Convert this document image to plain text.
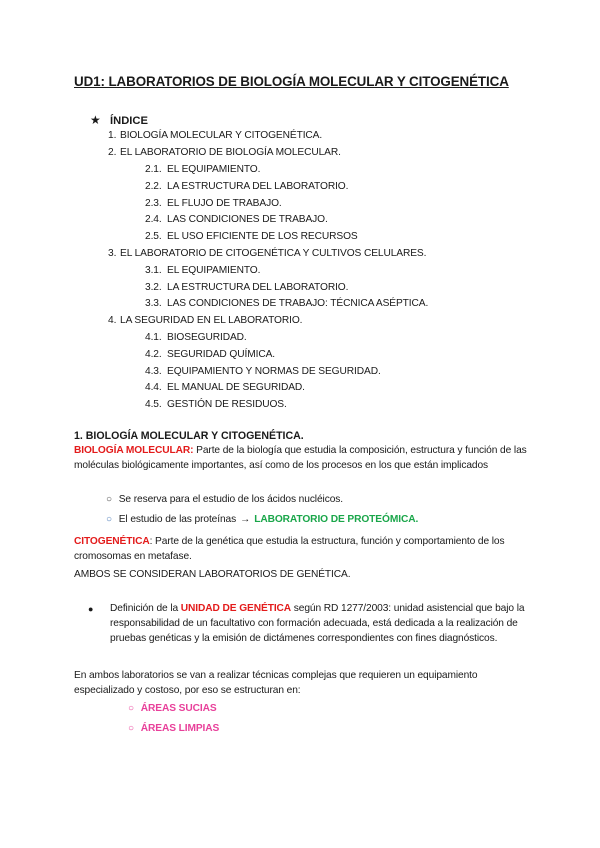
UD1: LABORATORIOS DE BIOLOGÍA MOLECULAR Y CITOGENÉTICA
★ ÍNDICE
1. BIOLOGÍA MOLECULAR Y CITOGENÉTICA.
2. EL LABORATORIO DE BIOLOGÍA MOLECULAR.
2.1. EL EQUIPAMIENTO.
2.2. LA ESTRUCTURA DEL LABORATORIO.
2.3. EL FLUJO DE TRABAJO.
2.4. LAS CONDICIONES DE TRABAJO.
2.5. EL USO EFICIENTE DE LOS RECURSOS
3. EL LABORATORIO DE CITOGENÉTICA Y CULTIVOS CELULARES.
3.1. EL EQUIPAMIENTO.
3.2. LA ESTRUCTURA DEL LABORATORIO.
3.3. LAS CONDICIONES DE TRABAJO: TÉCNICA ASÉPTICA.
4. LA SEGURIDAD EN EL LABORATORIO.
4.1. BIOSEGURIDAD.
4.2. SEGURIDAD QUÍMICA.
4.3. EQUIPAMIENTO Y NORMAS DE SEGURIDAD.
4.4. EL MANUAL DE SEGURIDAD.
4.5. GESTIÓN DE RESIDUOS.
1. BIOLOGÍA MOLECULAR Y CITOGENÉTICA.
BIOLOGÍA MOLECULAR: Parte de la biología que estudia la composición, estructura y función de las moléculas biológicamente importantes, así como de los procesos en los que están implicados
○ Se reserva para el estudio de los ácidos nucléicos.
○ El estudio de las proteínas → LABORATORIO DE PROTEÓMICA.
CITOGENÉTICA: Parte de la genética que estudia la estructura, función y comportamiento de los cromosomas en metafase.
AMBOS SE CONSIDERAN LABORATORIOS DE GENÉTICA.
● Definición de la UNIDAD DE GENÉTICA según RD 1277/2003: unidad asistencial que bajo la responsabilidad de un facultativo con formación adecuada, está dedicada a la realización de pruebas genéticas y la emisión de dictámenes correspondientes con fines diagnósticos.
En ambos laboratorios se van a realizar técnicas complejas que requieren un equipamiento especializado y costoso, por eso se estructuran en:
○ ÁREAS SUCIAS
○ ÁREAS LIMPIAS
